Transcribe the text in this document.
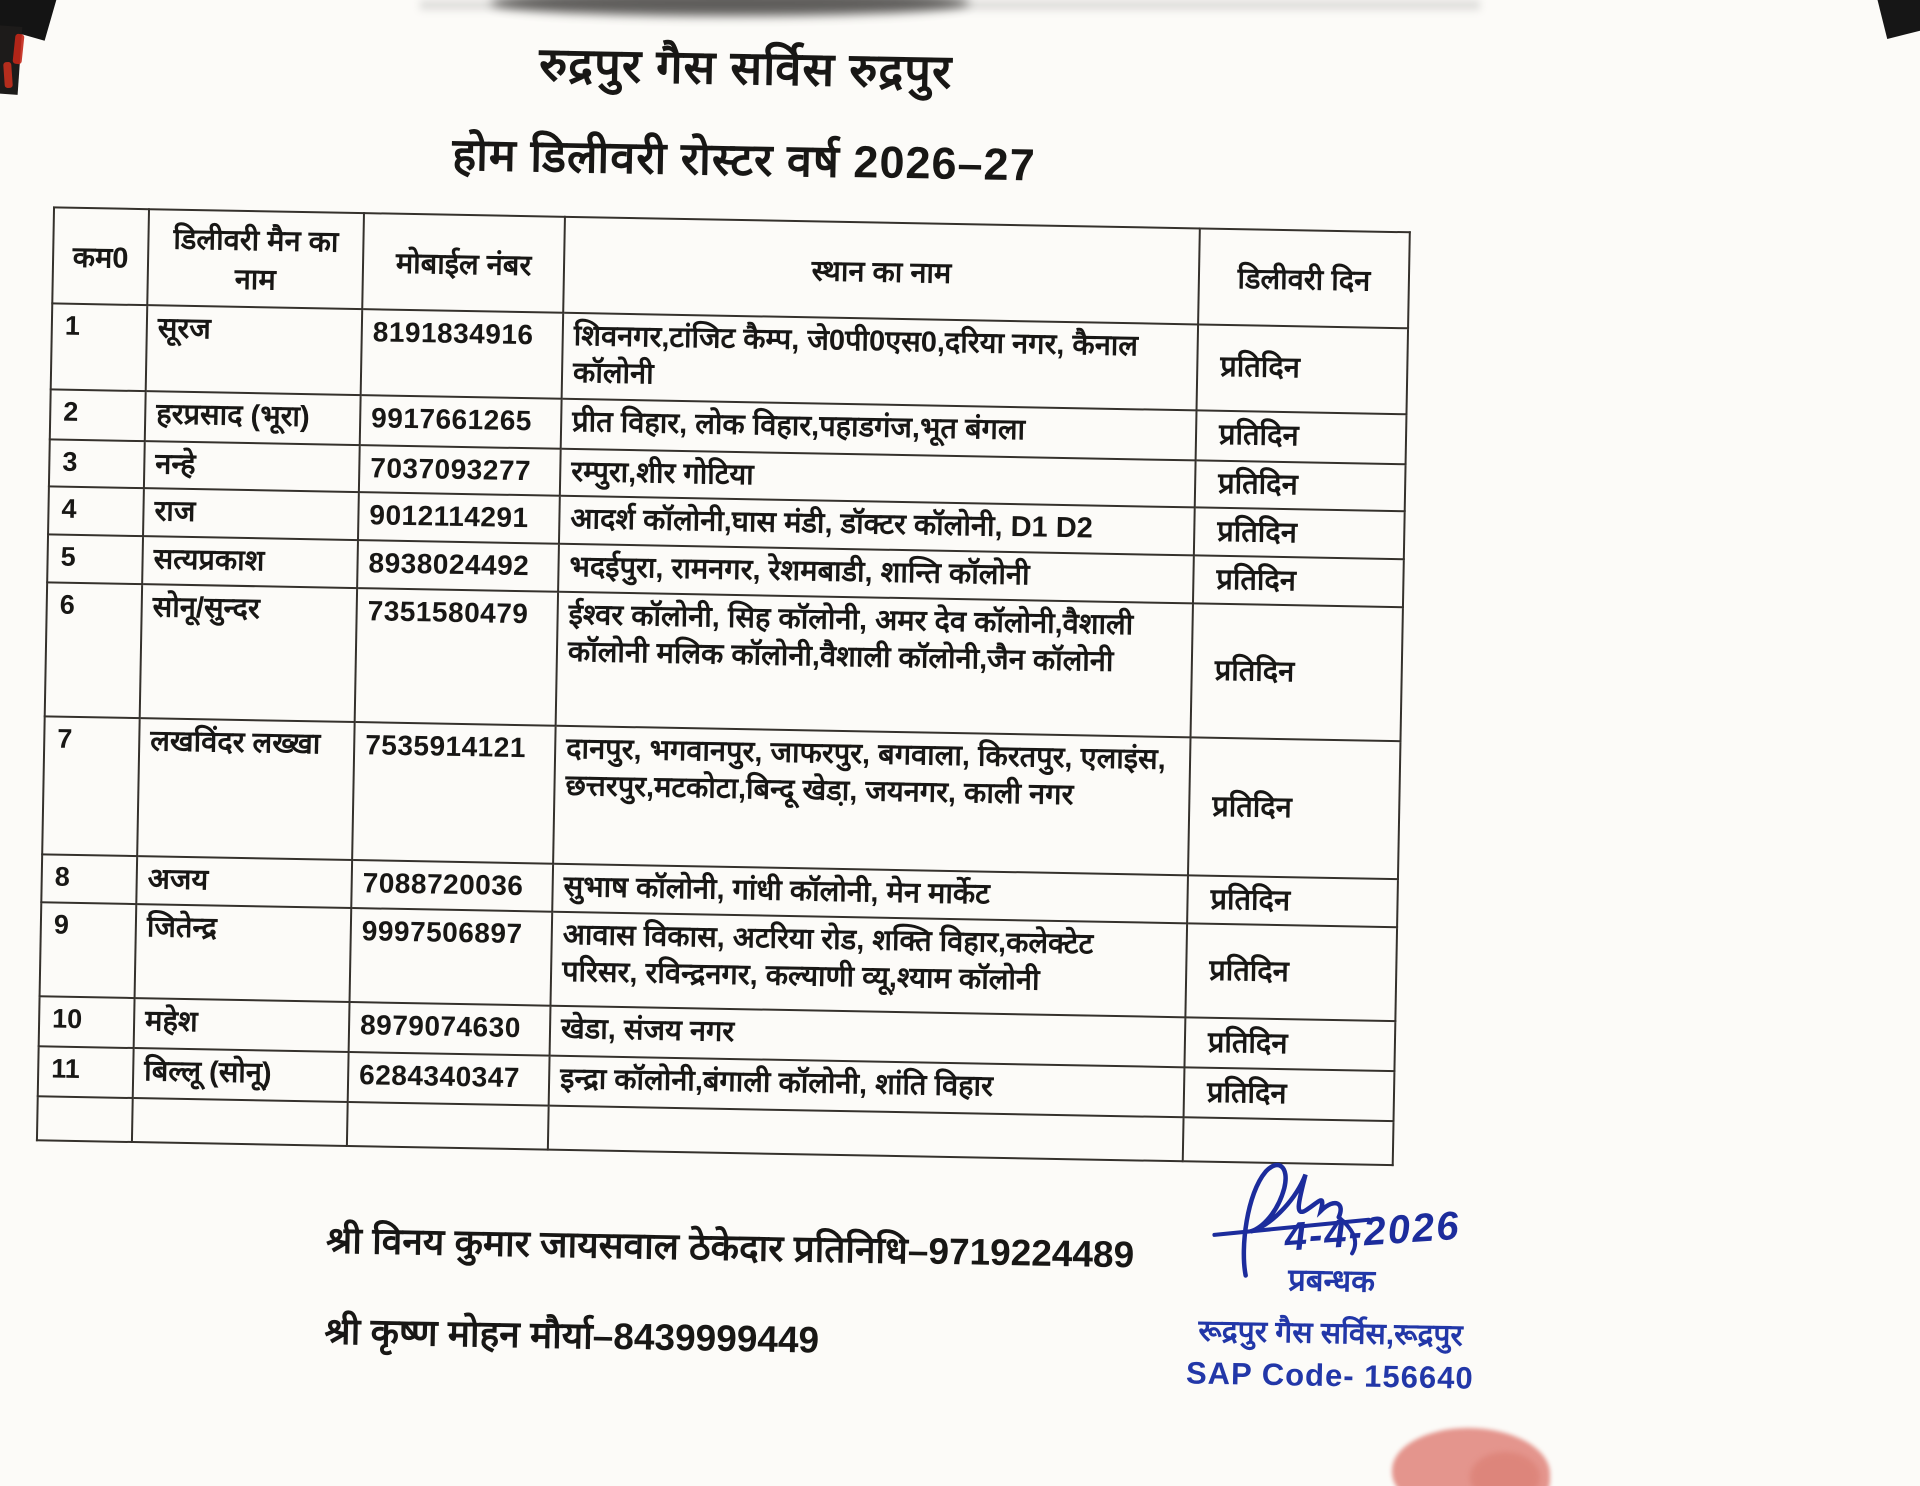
रुद्रपुर गैस सर्विस रुद्रपुर
होम डिलीवरी रोस्टर वर्ष 2026–27
कम0	डिलीवरी मैन का नाम	मोबाईल नंबर	स्थान का नाम	डिलीवरी दिन
1	सूरज	8191834916	शिवनगर,टांजिट कैम्प, जे0पी0एस0,दरिया नगर, कैनाल कॉलोनी	प्रतिदिन
2	हरप्रसाद (भूरा)	9917661265	प्रीत विहार, लोक विहार,पहाडगंज,भूत बंगला	प्रतिदिन
3	नन्हे	7037093277	रम्पुरा,शीर गोटिया	प्रतिदिन
4	राज	9012114291	आदर्श कॉलोनी,घास मंडी, डॉक्टर कॉलोनी, D1 D2	प्रतिदिन
5	सत्यप्रकाश	8938024492	भदईपुरा, रामनगर, रेशमबाडी, शान्ति कॉलोनी	प्रतिदिन
6	सोनू/सुन्दर	7351580479	ईश्वर कॉलोनी, सिह कॉलोनी, अमर देव कॉलोनी,वैशाली कॉलोनी मलिक कॉलोनी,वैशाली कॉलोनी,जैन कॉलोनी	प्रतिदिन
7	लखविंदर लख्खा	7535914121	दानपुर, भगवानपुर, जाफरपुर, बगवाला, किरतपुर, एलाइंस, छत्तरपुर,मटकोटा,बिन्दू खेडा़, जयनगर, काली नगर	प्रतिदिन
8	अजय	7088720036	सुभाष कॉलोनी, गांधी कॉलोनी, मेन मार्केट	प्रतिदिन
9	जितेन्द्र	9997506897	आवास विकास, अटरिया रोड, शक्ति विहार,कलेक्टेट परिसर, रविन्द्रनगर, कल्याणी व्यू,श्याम कॉलोनी	प्रतिदिन
10	महेश	8979074630	खेडा, संजय नगर	प्रतिदिन
11	बिल्लू (सोनू)	6284340347	इन्द्रा कॉलोनी,बंगाली कॉलोनी, शांति विहार	प्रतिदिन

श्री विनय कुमार जायसवाल ठेकेदार प्रतिनिधि–9719224489
श्री कृष्ण मोहन मौर्या–8439999449
4-4-2026
प्रबन्धक
रूद्रपुर गैस सर्विस,रूद्रपुर
SAP Code- 156640
